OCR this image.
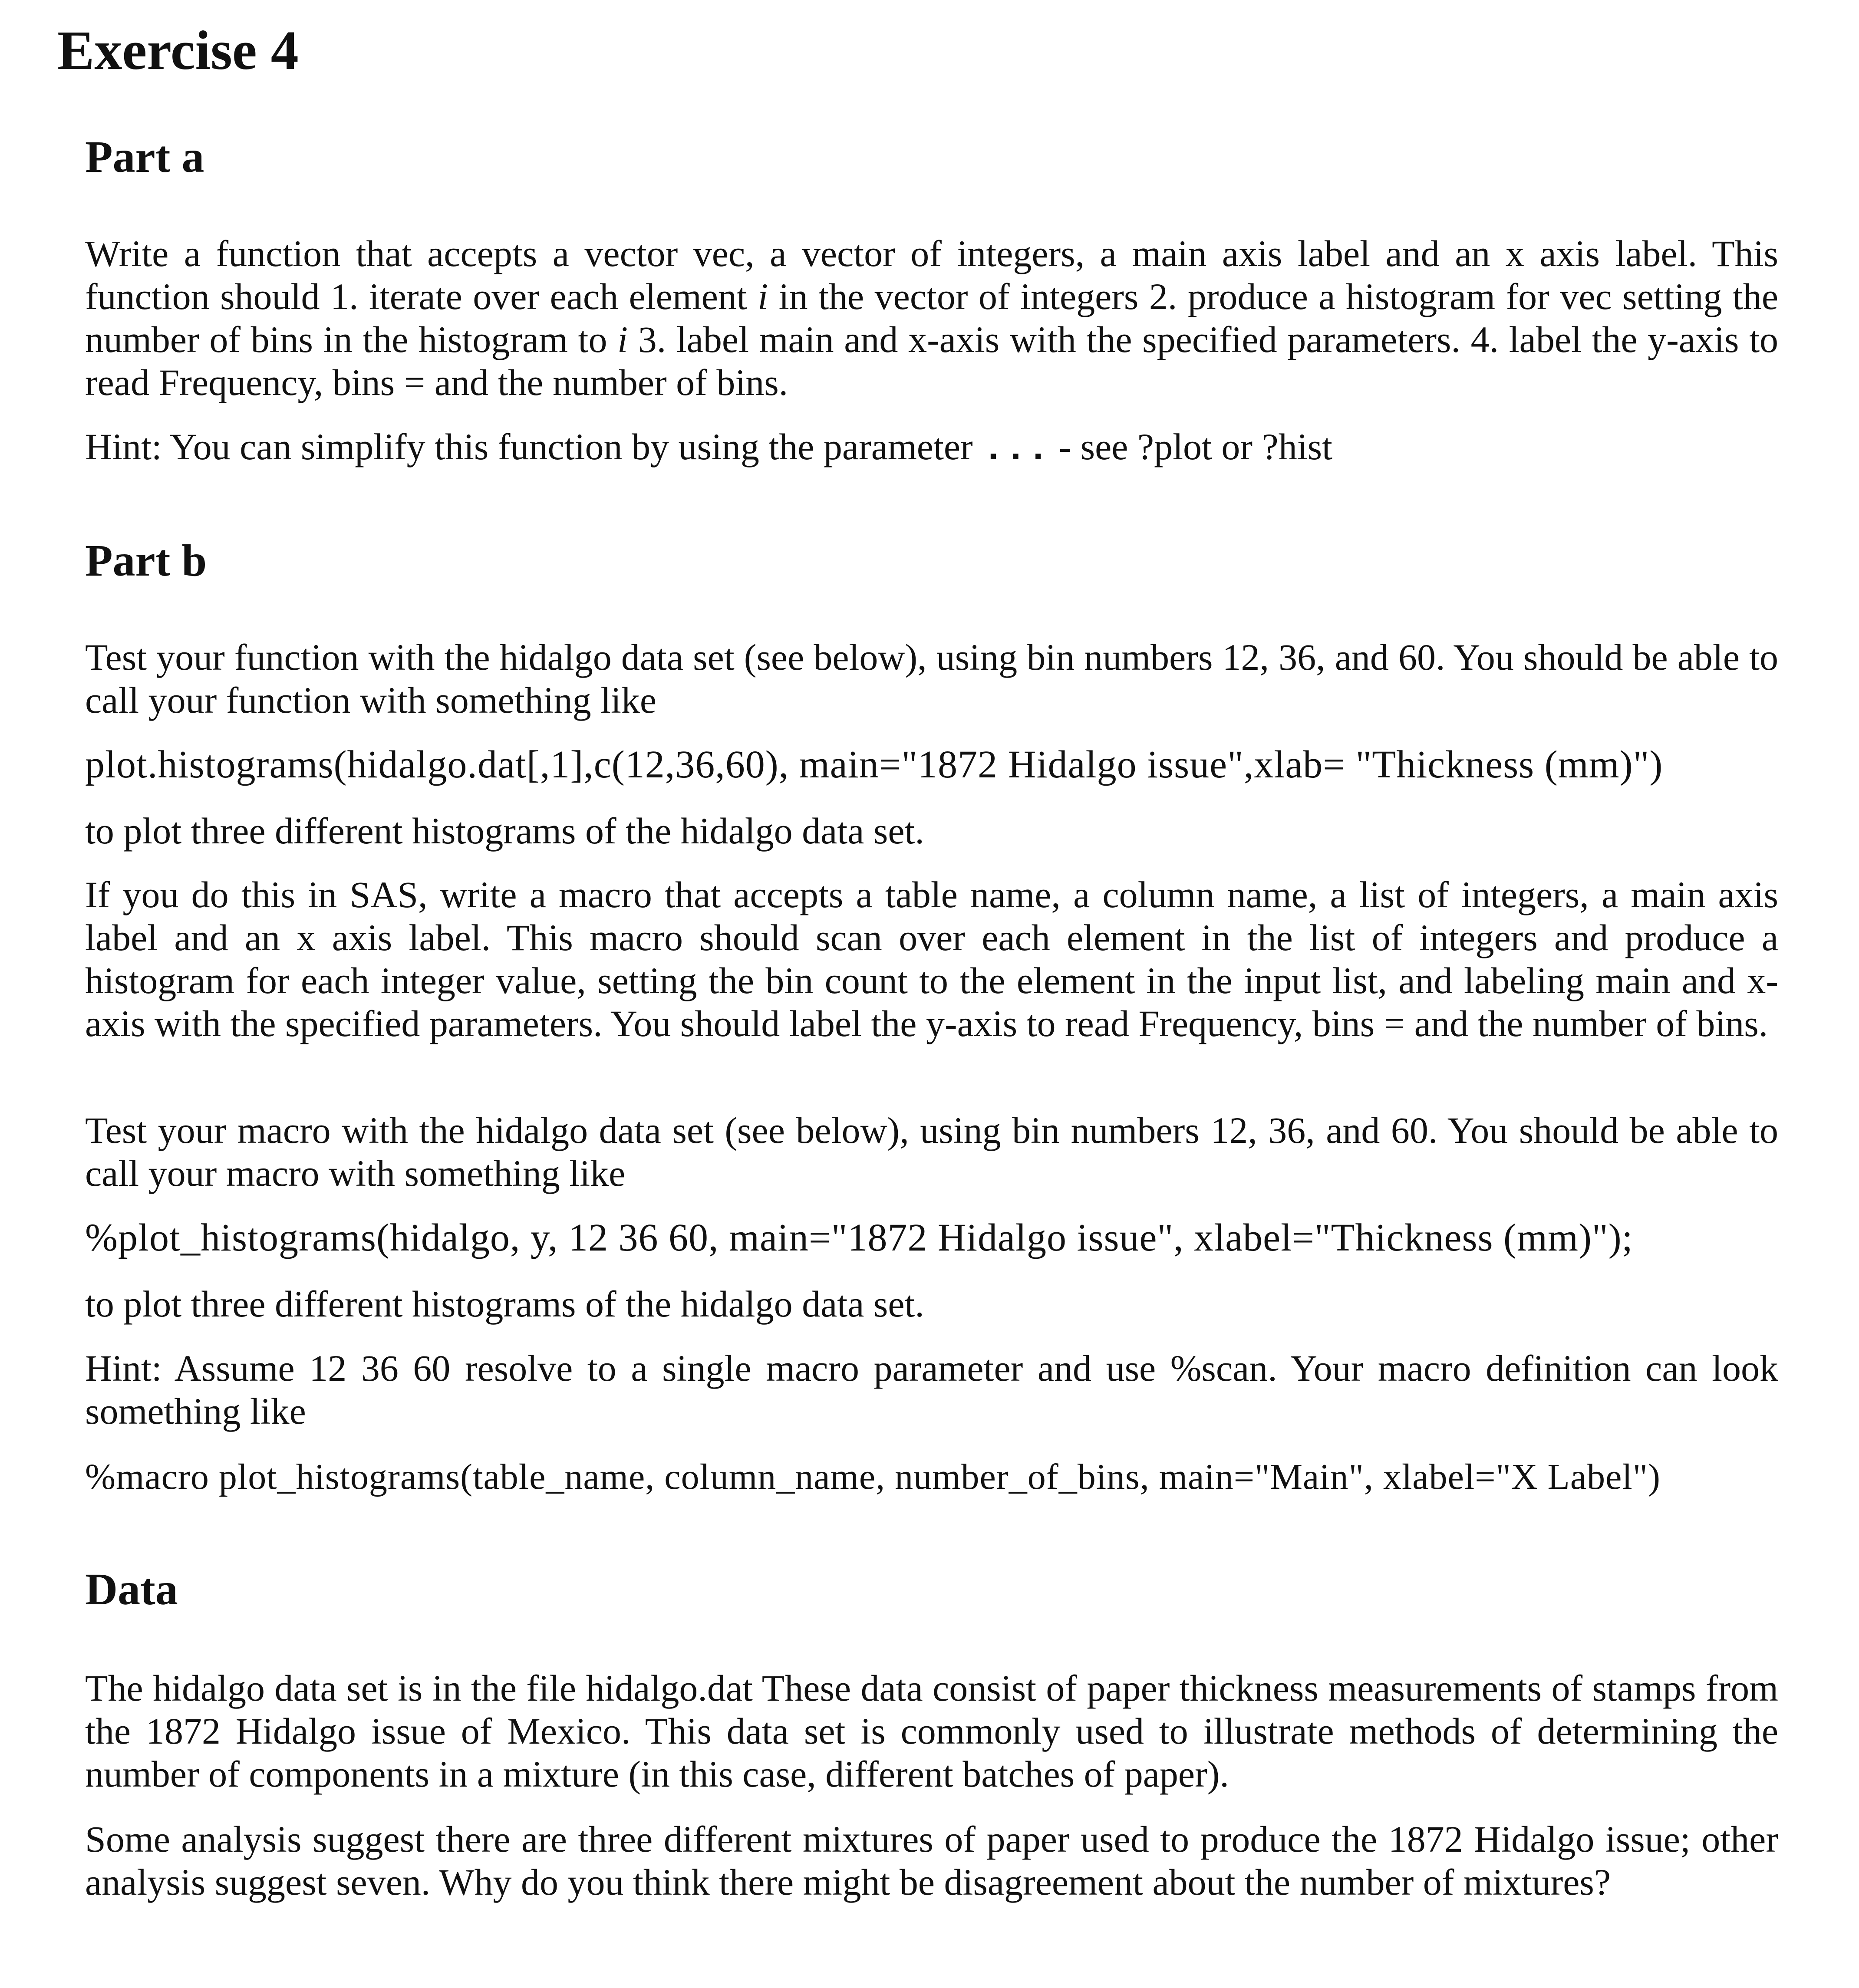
Exercise 4
Part a

Write a function that accepts a vector vec, a vector of integers, a main axis label and an x axis label. This function should 1. iterate over each element i in the vector of integers 2. produce a histogram for vec setting the number of bins in the histogram to i 3. label main and x-axis with the specified parameters. 4. label the y-axis to read Frequency, bins = and the number of bins.

Hint: You can simplify this function by using the parameter ... - see ?plot or ?hist

Part b

Test your function with the hidalgo data set (see below), using bin numbers 12, 36, and 60. You should be able to call your function with something like

plot.histograms(hidalgo.dat[,1],c(12,36,60), main="1872 Hidalgo issue",xlab= "Thickness (mm)")

to plot three different histograms of the hidalgo data set.

If you do this in SAS, write a macro that accepts a table name, a column name, a list of integers, a main axis label and an x axis label. This macro should scan over each element in the list of integers and produce a histogram for each integer value, setting the bin count to the element in the input list, and labeling main and x-axis with the specified parameters. You should label the y-axis to read Frequency, bins = and the number of bins.

Test your macro with the hidalgo data set (see below), using bin numbers 12, 36, and 60. You should be able to call your macro with something like

%plot_histograms(hidalgo, y, 12 36 60, main="1872 Hidalgo issue", xlabel="Thickness (mm)");

to plot three different histograms of the hidalgo data set.

Hint: Assume 12 36 60 resolve to a single macro parameter and use %scan. Your macro definition can look something like

%macro plot_histograms(table_name, column_name, number_of_bins, main="Main", xlabel="X Label")

Data

The hidalgo data set is in the file hidalgo.dat These data consist of paper thickness measurements of stamps from the 1872 Hidalgo issue of Mexico. This data set is commonly used to illustrate methods of determining the number of components in a mixture (in this case, different batches of paper).

Some analysis suggest there are three different mixtures of paper used to produce the 1872 Hidalgo issue; other analysis suggest seven. Why do you think there might be disagreement about the number of mixtures?
